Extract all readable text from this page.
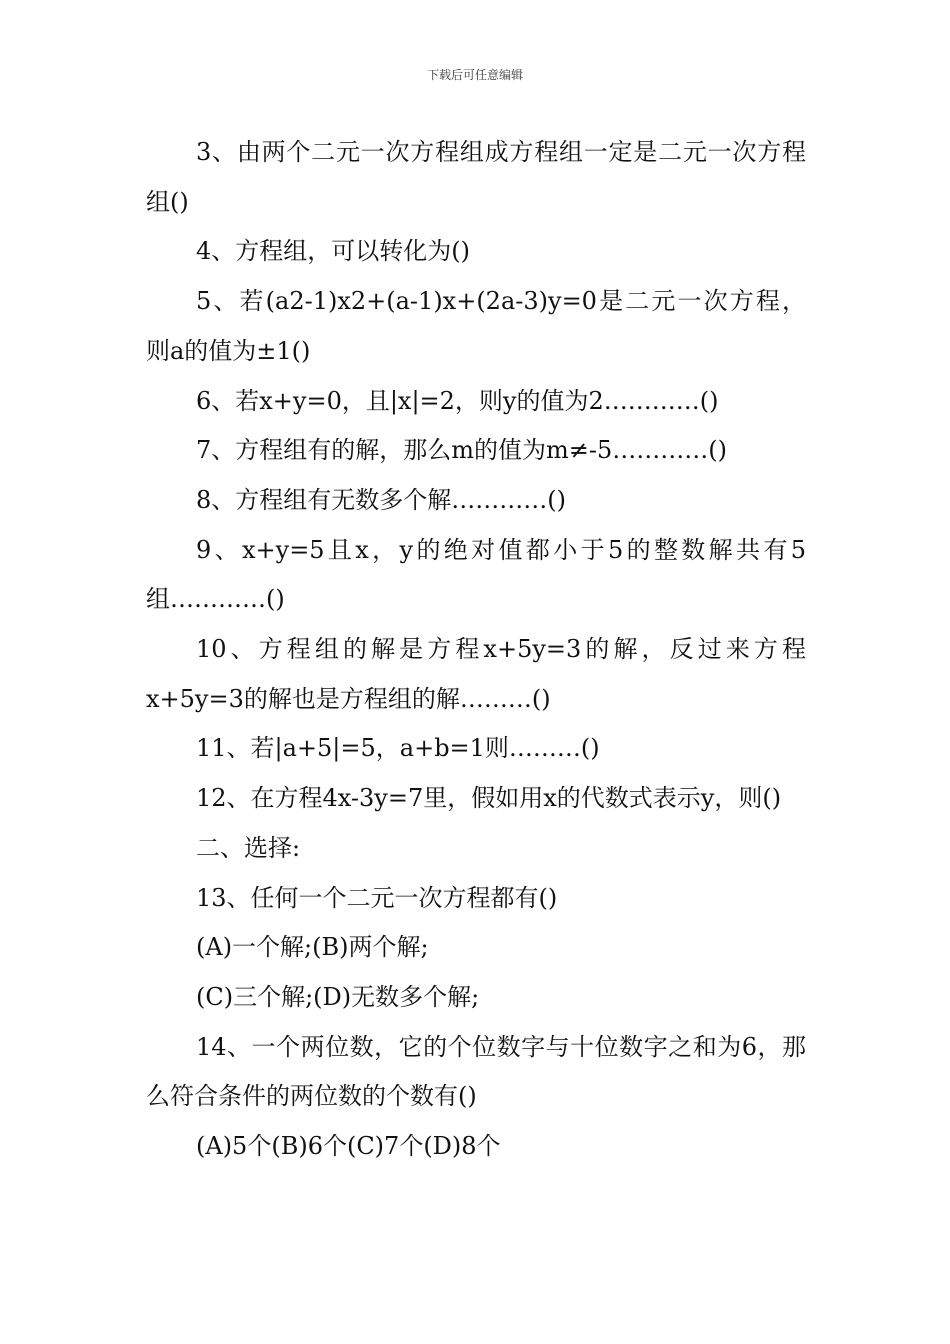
下载后可任意编辑

3、由两个二元一次方程组成方程组一定是二元一次方程组()

4、方程组，可以转化为()

5、若(a2-1)x2+(a-1)x+(2a-3)y=0是二元一次方程，则a的值为±1()

6、若x+y=0，且|x|=2，则y的值为2…………()

7、方程组有的解，那么m的值为m≠-5…………()

8、方程组有无数多个解…………()

9、x+y=5且x，y的绝对值都小于5的整数解共有5组…………()

10、方程组的解是方程x+5y=3的解，反过来方程x+5y=3的解也是方程组的解………()

11、若|a+5|=5，a+b=1则………()

12、在方程4x-3y=7里，假如用x的代数式表示y，则()

二、选择:

13、任何一个二元一次方程都有()

(A)一个解;(B)两个解;

(C)三个解;(D)无数多个解;

14、一个两位数，它的个位数字与十位数字之和为6，那么符合条件的两位数的个数有()

(A)5个(B)6个(C)7个(D)8个
